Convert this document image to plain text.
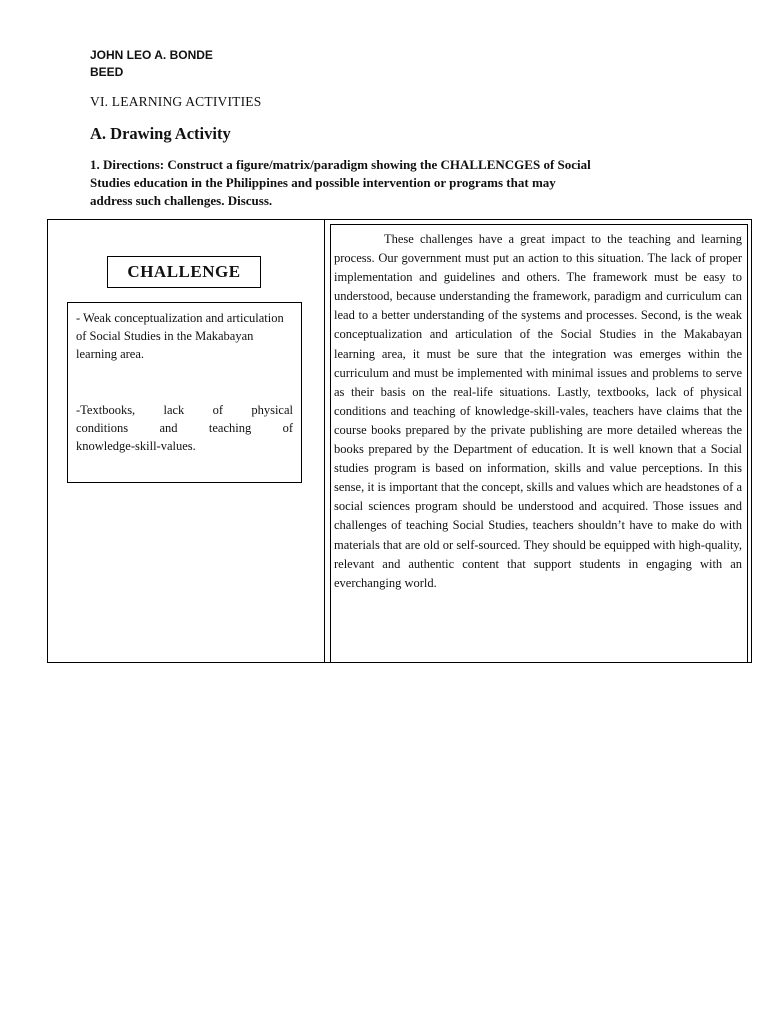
JOHN LEO A. BONDE
BEED
VI. LEARNING ACTIVITIES
A. Drawing Activity
1. Directions: Construct a figure/matrix/paradigm showing the CHALLENCGES of Social
Studies education in the Philippines and possible intervention or programs that may
address such challenges. Discuss.
CHALLENGE

- Weak conceptualization and articulation of Social Studies in the Makabayan learning area.

-Textbooks, lack of physical
conditions and teaching of
knowledge-skill-values.

These challenges have a great impact to the teaching and learning process. Our government must put an action to this situation. The lack of proper implementation and guidelines and others. The framework must be easy to understood, because understanding the framework, paradigm and curriculum can lead to a better understanding of the systems and processes. Second, is the weak conceptualization and articulation of the Social Studies in the Makabayan learning area, it must be sure that the integration was emerges within the curriculum and must be implemented with minimal issues and problems to serve as their basis on the real-life situations. Lastly, textbooks, lack of physical conditions and teaching of knowledge-skill-vales, teachers have claims that the course books prepared by the private publishing are more detailed whereas the books prepared by the Department of education. It is well known that a Social studies program is based on information, skills and value perceptions. In this sense, it is important that the concept, skills and values which are headstones of a social sciences program should be understood and acquired. Those issues and challenges of teaching Social Studies, teachers shouldn’t have to make do with materials that are old or self-sourced. They should be equipped with high-quality, relevant and authentic content that support students in engaging with an everchanging world.
